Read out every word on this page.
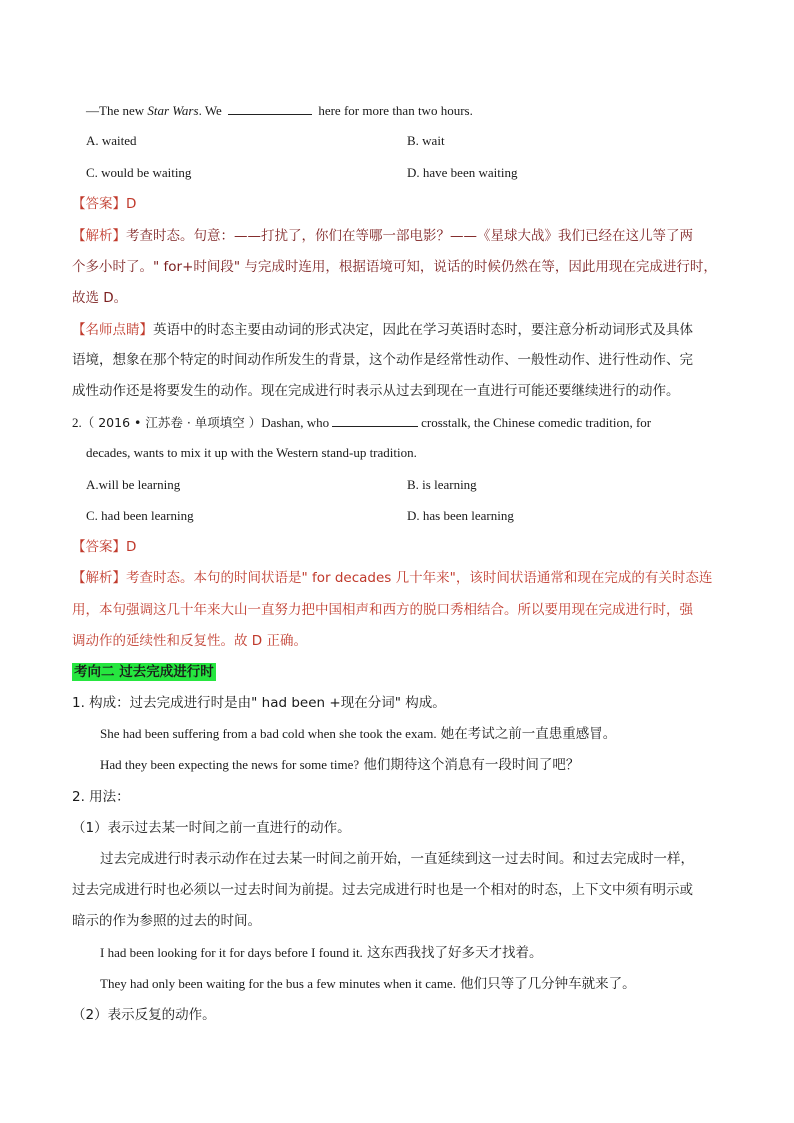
—The new Star Wars. We	here for more than two hours.
A. waited	B. wait
C. would be waiting	D. have been waiting
【答案】D
【解析】考查时态。句意：——打扰了，你们在等哪一部电影？——《星球大战》我们已经在这儿等了两
个多小时了。" for+时间段" 与完成时连用，根据语境可知，说话的时候仍然在等，因此用现在完成进行时，
故选 D。
【名师点睛】英语中的时态主要由动词的形式决定，因此在学习英语时态时，要注意分析动词形式及具体
语境，想象在那个特定的时间动作所发生的背景，这个动作是经常性动作、一般性动作、进行性动作、完
成性动作还是将要发生的动作。现在完成进行时表示从过去到现在一直进行可能还要继续进行的动作。
2.（ 2016 • 江苏卷 · 单项填空 ）Dashan, who	crosstalk, the Chinese comedic tradition, for
decades, wants to mix it up with the Western stand-up tradition.
A.will be learning	B. is learning
C. had been learning	D. has been learning
【答案】D
【解析】考查时态。本句的时间状语是" for decades 几十年来"，该时间状语通常和现在完成的有关时态连
用，本句强调这几十年来大山一直努力把中国相声和西方的脱口秀相结合。所以要用现在完成进行时，强
调动作的延续性和反复性。故 D 正确。
考向二 过去完成进行时
1. 构成：过去完成进行时是由" had been +现在分词" 构成。
She had been suffering from a bad cold when she took the exam. 她在考试之前一直患重感冒。
Had they been expecting the news for some time? 他们期待这个消息有一段时间了吧？
2. 用法：
（1）表示过去某一时间之前一直进行的动作。
过去完成进行时表示动作在过去某一时间之前开始，一直延续到这一过去时间。和过去完成时一样，
过去完成进行时也必须以一过去时间为前提。过去完成进行时也是一个相对的时态，上下文中须有明示或
暗示的作为参照的过去的时间。
I had been looking for it for days before I found it. 这东西我找了好多天才找着。
They had only been waiting for the bus a few minutes when it came. 他们只等了几分钟车就来了。
（2）表示反复的动作。
